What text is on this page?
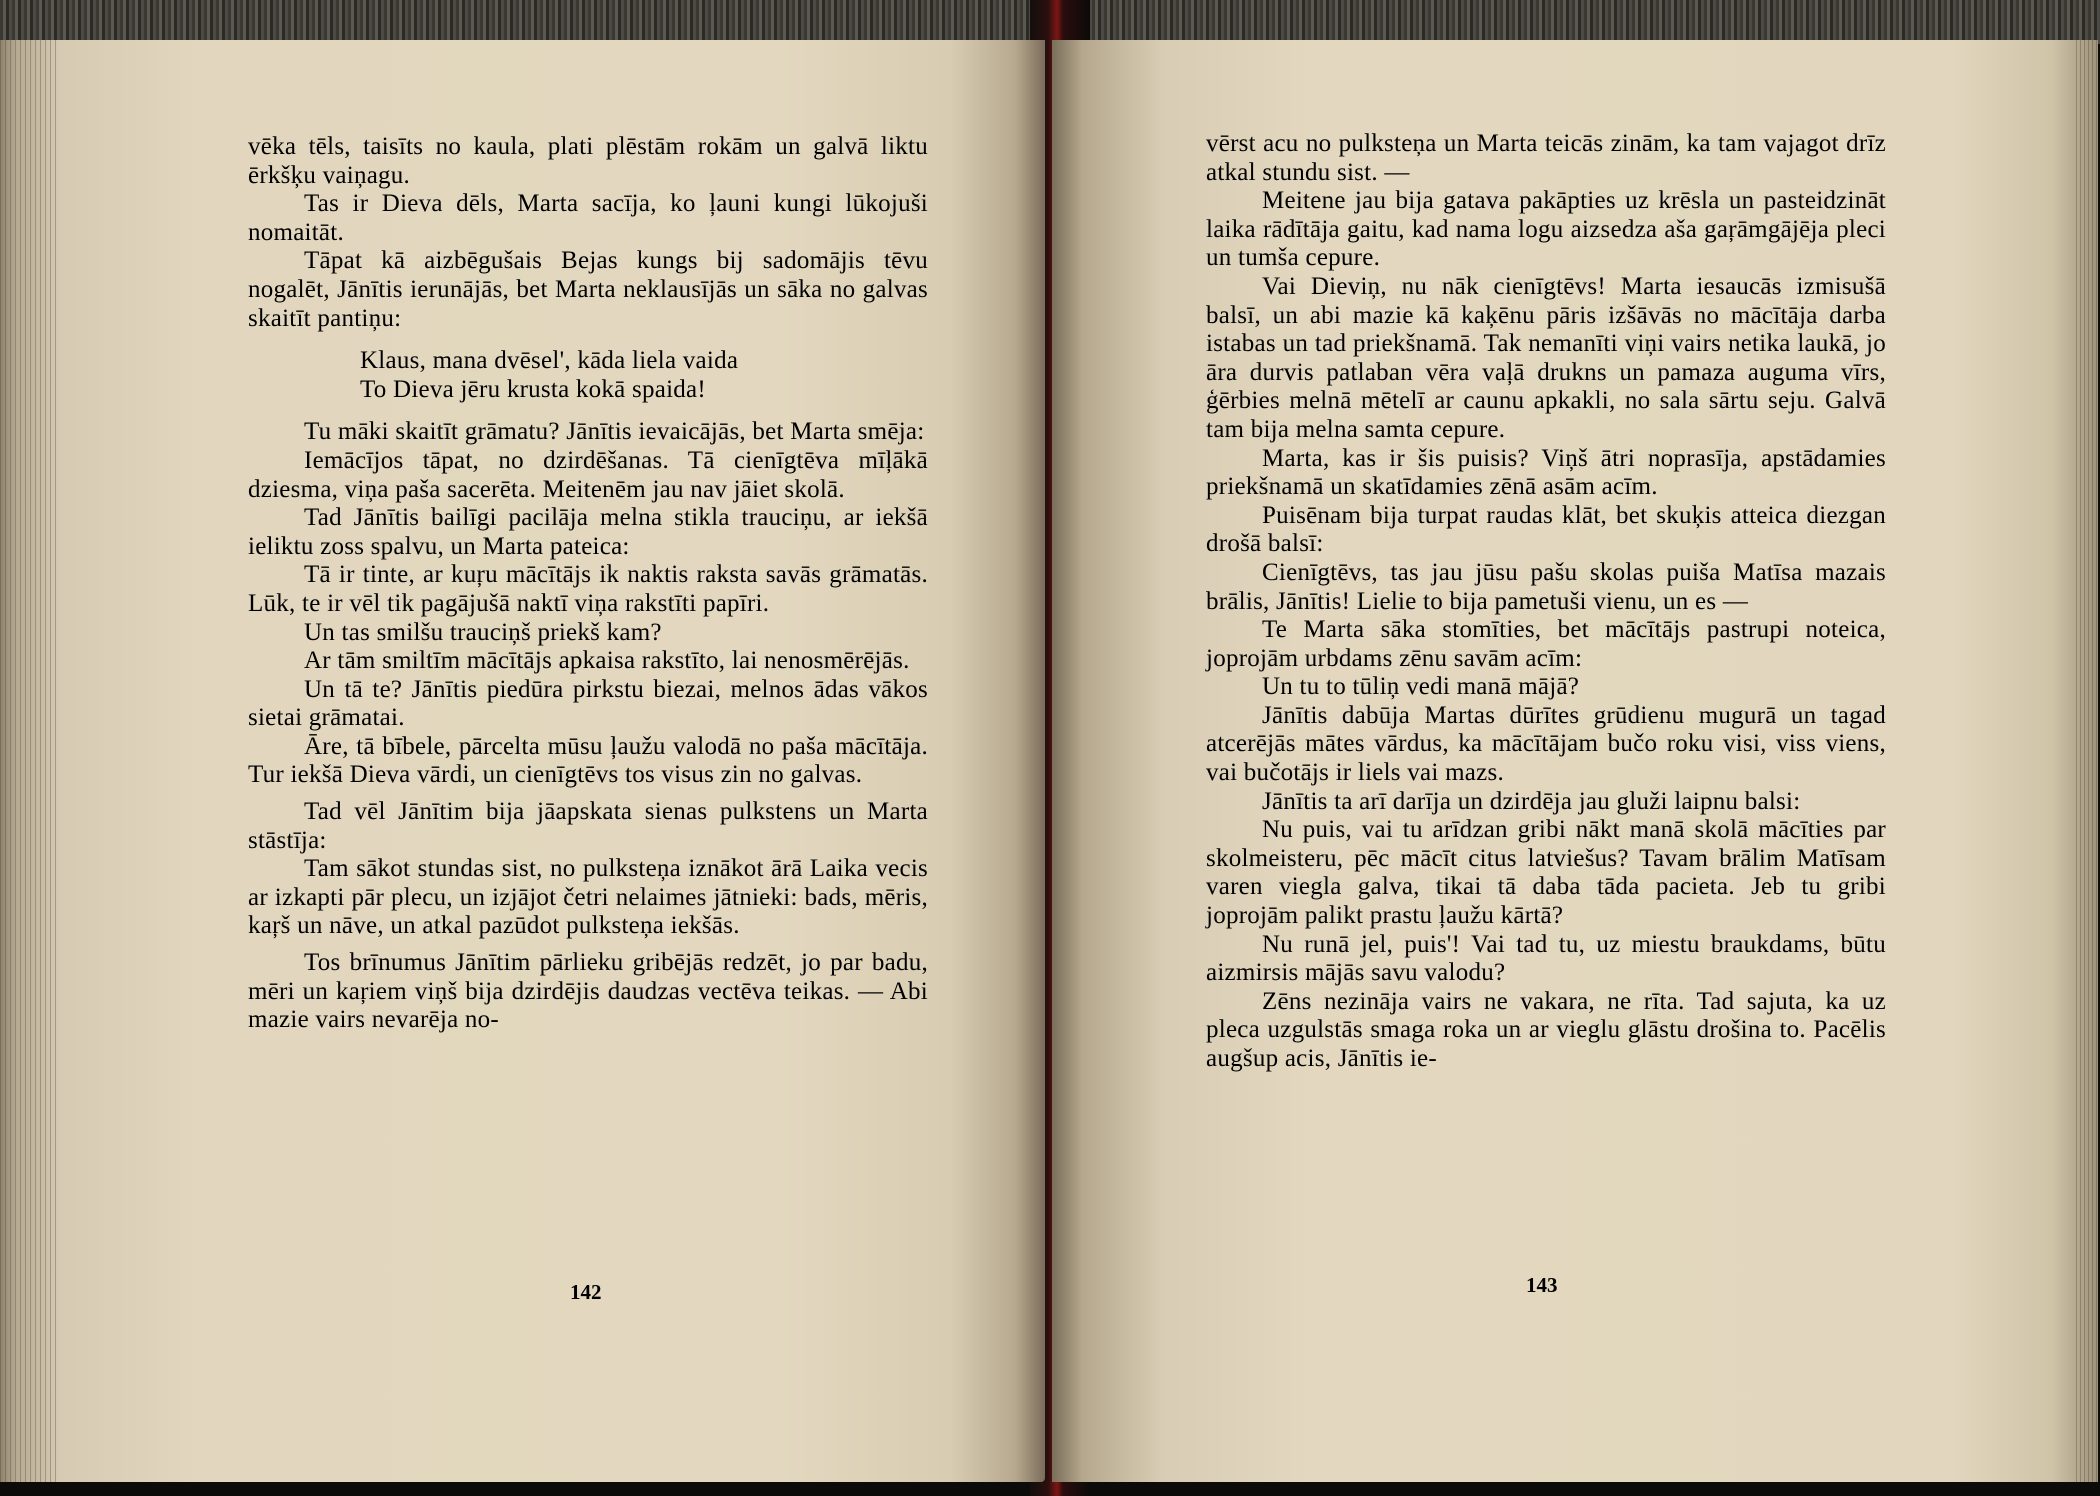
vēka tēls, taisīts no kaula, plati plēstām rokām un galvā liktu ērkšķu vaiņagu.

Tas ir Dieva dēls, Marta sacīja, ko ļauni kungi lūkojuši nomaitāt.

Tāpat kā aizbēgušais Bejas kungs bij sadomājis tēvu nogalēt, Jānītis ierunājās, bet Marta neklausījās un sāka no galvas skaitīt pantiņu:

Klaus, mana dvēsel', kāda liela vaida
To Dieva jēru krusta kokā spaida!

Tu māki skaitīt grāmatu? Jānītis ievaicājās, bet Marta smēja:

Iemācījos tāpat, no dzirdēšanas. Tā cienīgtēva mīļākā dziesma, viņa paša sacerēta. Meitenēm jau nav jāiet skolā.

Tad Jānītis bailīgi pacilāja melna stikla trauciņu, ar iekšā ieliktu zoss spalvu, un Marta pateica:

Tā ir tinte, ar kuŗu mācītājs ik naktis raksta savās grāmatās. Lūk, te ir vēl tik pagājušā naktī viņa rakstīti papīri.

Un tas smilšu trauciņš priekš kam?

Ar tām smiltīm mācītājs apkaisa rakstīto, lai nenosmērējās.

Un tā te? Jānītis piedūra pirkstu biezai, melnos ādas vākos sietai grāmatai.

Āre, tā bībele, pārcelta mūsu ļaužu valodā no paša mācītāja. Tur iekšā Dieva vārdi, un cienīgtēvs tos visus zin no galvas.

Tad vēl Jānītim bija jāapskata sienas pulkstens un Marta stāstīja:

Tam sākot stundas sist, no pulksteņa iznākot ārā Laika vecis ar izkapti pār plecu, un izjājot četri nelaimes jātnieki: bads, mēris, kaŗš un nāve, un atkal pazūdot pulksteņa iekšās.

Tos brīnumus Jānītim pārlieku gribējās redzēt, jo par badu, mēri un kaŗiem viņš bija dzirdējis daudzas vectēva teikas. — Abi mazie vairs nevarēja no-

142

vērst acu no pulksteņa un Marta teicās zinām, ka tam vajagot drīz atkal stundu sist. —

Meitene jau bija gatava pakāpties uz krēsla un pasteidzināt laika rādītāja gaitu, kad nama logu aizsedza aša gaŗāmgājēja pleci un tumša cepure.

Vai Dieviņ, nu nāk cienīgtēvs! Marta iesaucās izmisušā balsī, un abi mazie kā kaķēnu pāris izšāvās no mācītāja darba istabas un tad priekšnamā. Tak nemanīti viņi vairs netika laukā, jo āra durvis patlaban vēra vaļā drukns un pamaza auguma vīrs, ģērbies melnā mētelī ar caunu apkakli, no sala sārtu seju. Galvā tam bija melna samta cepure.

Marta, kas ir šis puisis? Viņš ātri noprasīja, apstādamies priekšnamā un skatīdamies zēnā asām acīm.

Puisēnam bija turpat raudas klāt, bet skuķis atteica diezgan drošā balsī:

Cienīgtēvs, tas jau jūsu pašu skolas puiša Matīsa mazais brālis, Jānītis! Lielie to bija pametuši vienu, un es —

Te Marta sāka stomīties, bet mācītājs pastrupi noteica, joprojām urbdams zēnu savām acīm:

Un tu to tūliņ vedi manā mājā?

Jānītis dabūja Martas dūrītes grūdienu mugurā un tagad atcerējās mātes vārdus, ka mācītājam bučo roku visi, viss viens, vai bučotājs ir liels vai mazs.

Jānītis ta arī darīja un dzirdēja jau gluži laipnu balsi:

Nu puis, vai tu arīdzan gribi nākt manā skolā mācīties par skolmeisteru, pēc mācīt citus latviešus? Tavam brālim Matīsam varen viegla galva, tikai tā daba tāda pacieta. Jeb tu gribi joprojām palikt prastu ļaužu kārtā?

Nu runā jel, puis'! Vai tad tu, uz miestu braukdams, būtu aizmirsis mājās savu valodu?

Zēns nezināja vairs ne vakara, ne rīta. Tad sajuta, ka uz pleca uzgulstās smaga roka un ar vieglu glāstu drošina to. Pacēlis augšup acis, Jānītis ie-

143
